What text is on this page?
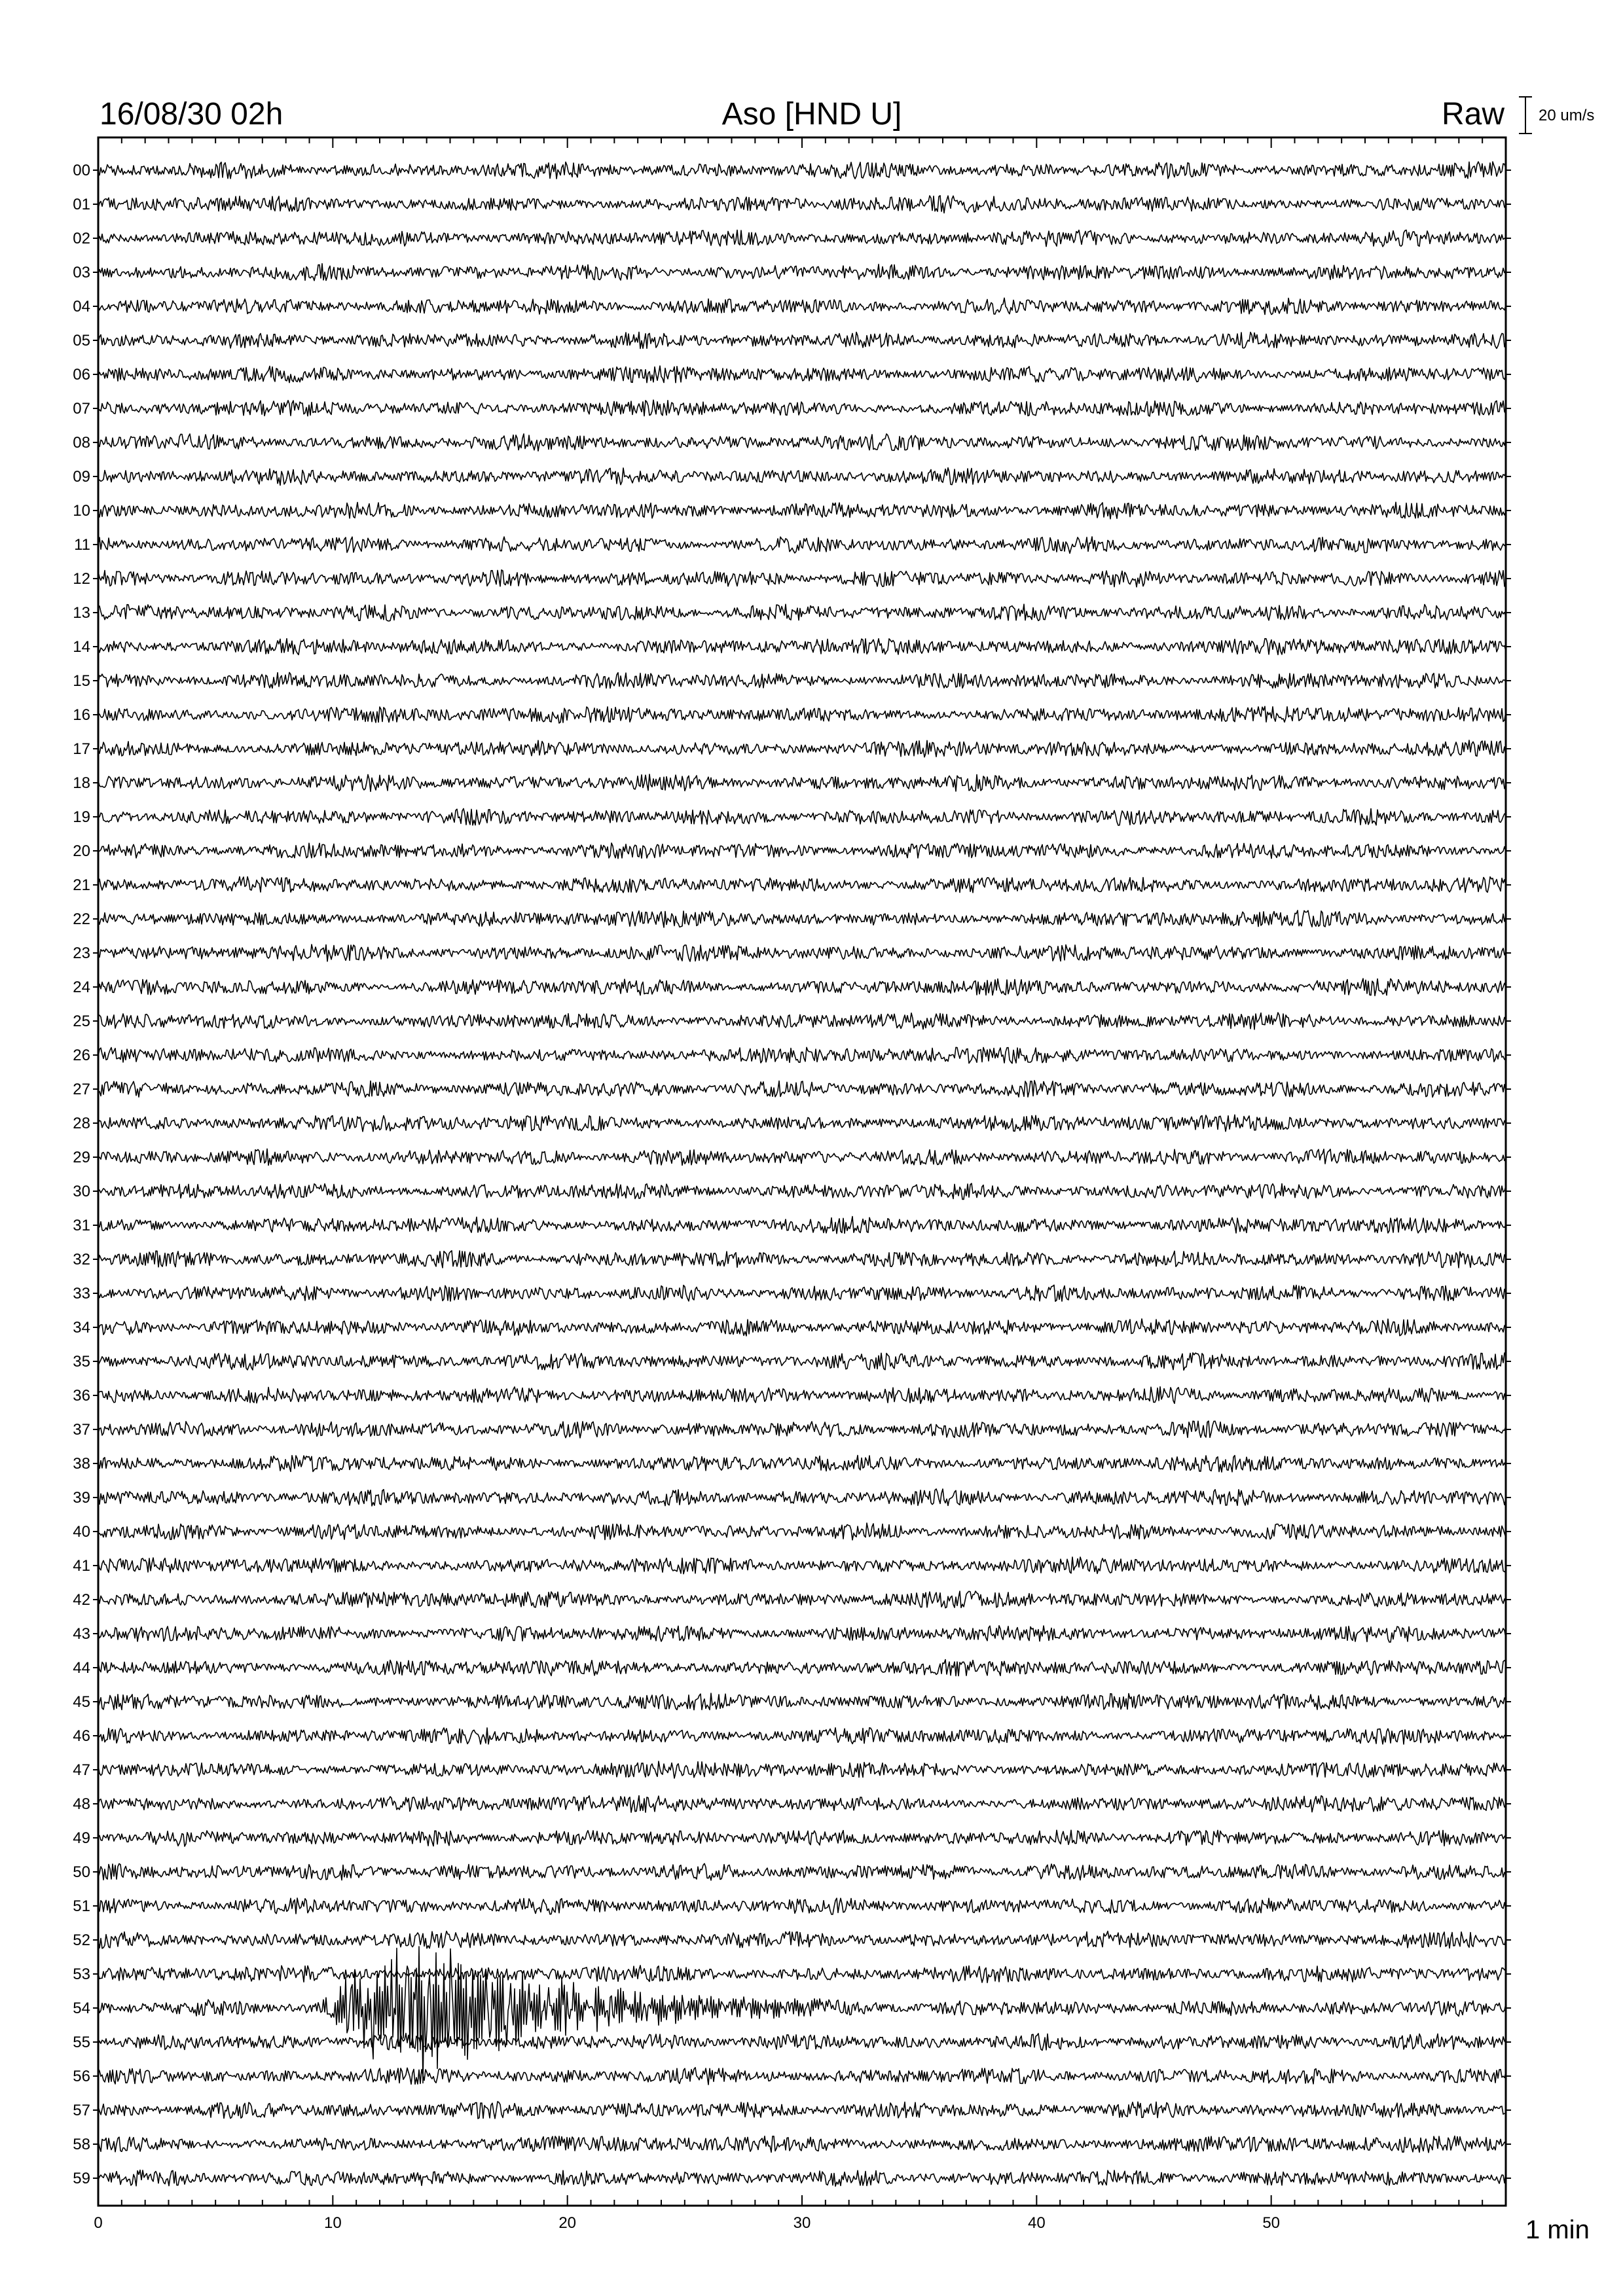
16/08/30 02h	Aso [HND U]	Raw 20 um/s
00
01
02
03
04
05
06
07
08
09
10
11
12
13
14
15
16
17
18
19
20
21
22
23
24
25
26
27
28
29
30
31
32
33
34
35
36
37
38
39
40
41
42
43
44
45
46
47
48
49
50
51
52
53
54
55
56
57
58
59
0	10	20	30	40	50	1 min
